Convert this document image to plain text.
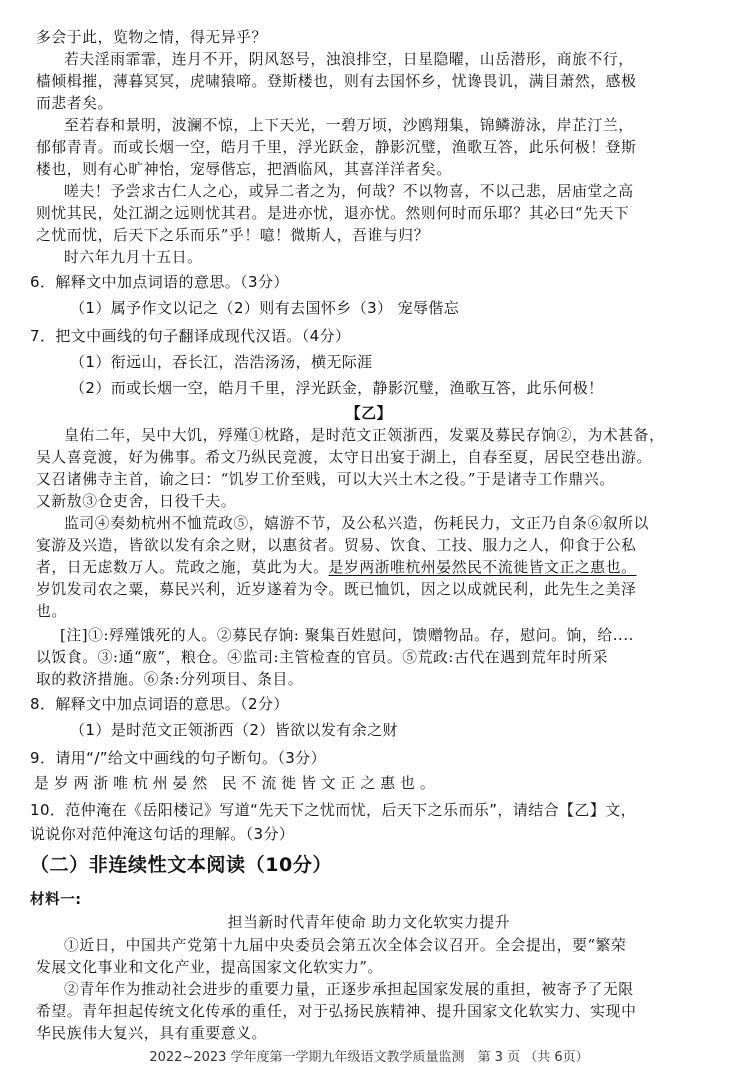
多会于此，览物之情，得无异乎？
若夫淫雨霏霏，连月不开，阴风怒号，浊浪排空，日星隐曜，山岳潜形，商旅不行，
樯倾楫摧，薄暮冥冥，虎啸猿啼。登斯楼也，则有去国怀乡，忧谗畏讥，满目萧然，感极
而悲者矣。
至若春和景明，波澜不惊，上下天光，一碧万顷，沙鸥翔集，锦鳞游泳，岸芷汀兰，
郁郁青青。而或长烟一空，皓月千里，浮光跃金，静影沉璧，渔歌互答，此乐何极！登斯
楼也，则有心旷神怡，宠辱偕忘，把酒临风，其喜洋洋者矣。
嗟夫！予尝求古仁人之心，或异二者之为，何哉？不以物喜，不以己悲，居庙堂之高
则忧其民，处江湖之远则忧其君。是进亦忧，退亦忧。然则何时而乐耶？其必曰“先天下
之忧而忧，后天下之乐而乐”乎！噫！微斯人，吾谁与归？
时六年九月十五日。
6．解释文中加点词语的意思。（3分）
（1）属予作文以记之（2）则有去国怀乡（3） 宠辱偕忘
7．把文中画线的句子翻译成现代汉语。（4分）
（1）衔远山，吞长江，浩浩汤汤，横无际涯
（2）而或长烟一空，皓月千里，浮光跃金，静影沉璧，渔歌互答，此乐何极！
【乙】
皇佑二年，吴中大饥，殍殣①枕路，是时范文正领浙西，发粟及募民存饷②，为术甚备，
吴人喜竞渡，好为佛事。希文乃纵民竞渡，太守日出宴于湖上，自春至夏，居民空巷出游。
又召诸佛寺主首，谕之曰：“饥岁工价至贱，可以大兴土木之役。”于是诸寺工作鼎兴。
又新敖③仓吏舍，日役千夫。
监司④奏劾杭州不恤荒政⑤，嬉游不节，及公私兴造，伤耗民力，文正乃自条⑥叙所以
宴游及兴造，皆欲以发有余之财，以惠贫者。贸易、饮食、工技、服力之人，仰食于公私
者，日无虑数万人。荒政之施，莫此为大。是岁两浙唯杭州晏然民不流徙皆文正之惠也。
岁饥发司农之粟，募民兴利，近岁遂着为令。既已恤饥，因之以成就民利，此先生之美泽
也。
[注]①:殍殣饿死的人。②募民存饷: 聚集百姓慰问，馈赠物品。存，慰问。饷，给....
以饭食。③:通“廒”，粮仓。④监司:主管检查的官员。⑤荒政:古代在遇到荒年时所采
取的救济措施。⑥条:分列项目、条目。
8．解释文中加点词语的意思。（2分）
（1）是时范文正领浙西（2）皆欲以发有余之财
9．请用“/”给文中画线的句子断句。（3分）
是岁两浙唯杭州晏然 民不流徙皆文正之惠也。
10．范仲淹在《岳阳楼记》写道“先天下之忧而忧，后天下之乐而乐”，请结合【乙】文，
说说你对范仲淹这句话的理解。（3分）
（二）非连续性文本阅读（10分）
材料一:
担当新时代青年使命 助力文化软实力提升
①近日，中国共产党第十九届中央委员会第五次全体会议召开。全会提出，要“繁荣
发展文化事业和文化产业，提高国家文化软实力”。
②青年作为推动社会进步的重要力量，正逐步承担起国家发展的重担，被寄予了无限
希望。青年担起传统文化传承的重任，对于弘扬民族精神、提升国家文化软实力、实现中
华民族伟大复兴，具有重要意义。
2022~2023 学年度第一学期九年级语文教学质量监测　第 3 页 （共 6页）
